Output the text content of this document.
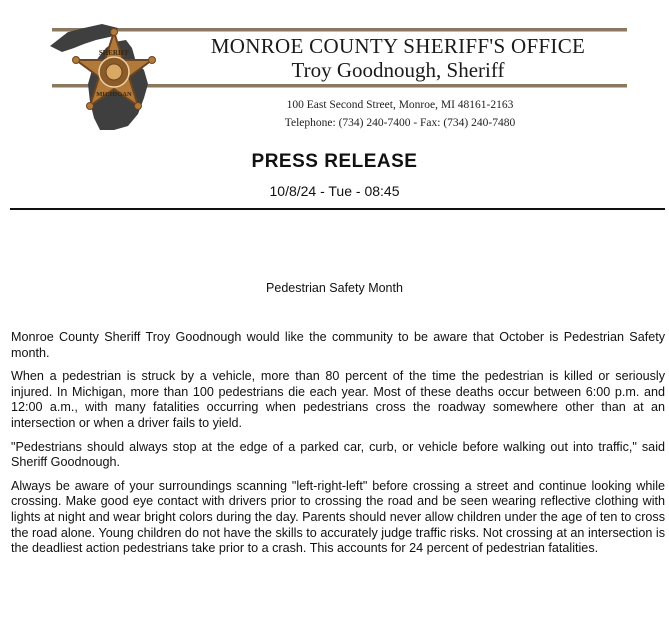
SHERIFF
MICHIGAN
MONROE COUNTY SHERIFF'S OFFICE
Troy Goodnough, Sheriff
100 East Second Street, Monroe, MI 48161-2163
Telephone: (734) 240-7400 - Fax: (734) 240-7480
PRESS RELEASE
10/8/24 - Tue - 08:45
Pedestrian Safety Month

Monroe County Sheriff Troy Goodnough would like the community to be aware that October is Pedestrian Safety month.

When a pedestrian is struck by a vehicle, more than 80 percent of the time the pedestrian is killed or seriously injured. In Michigan, more than 100 pedestrians die each year. Most of these deaths occur between 6:00 p.m. and 12:00 a.m., with many fatalities occurring when pedestrians cross the roadway somewhere other than at an intersection or when a driver fails to yield.

"Pedestrians should always stop at the edge of a parked car, curb, or vehicle before walking out into traffic," said Sheriff Goodnough.

Always be aware of your surroundings scanning "left-right-left" before crossing a street and continue looking while crossing. Make good eye contact with drivers prior to crossing the road and be seen wearing reflective clothing with lights at night and wear bright colors during the day. Parents should never allow children under the age of ten to cross the road alone. Young children do not have the skills to accurately judge traffic risks. Not crossing at an intersection is the deadliest action pedestrians take prior to a crash. This accounts for 24 percent of pedestrian fatalities.
